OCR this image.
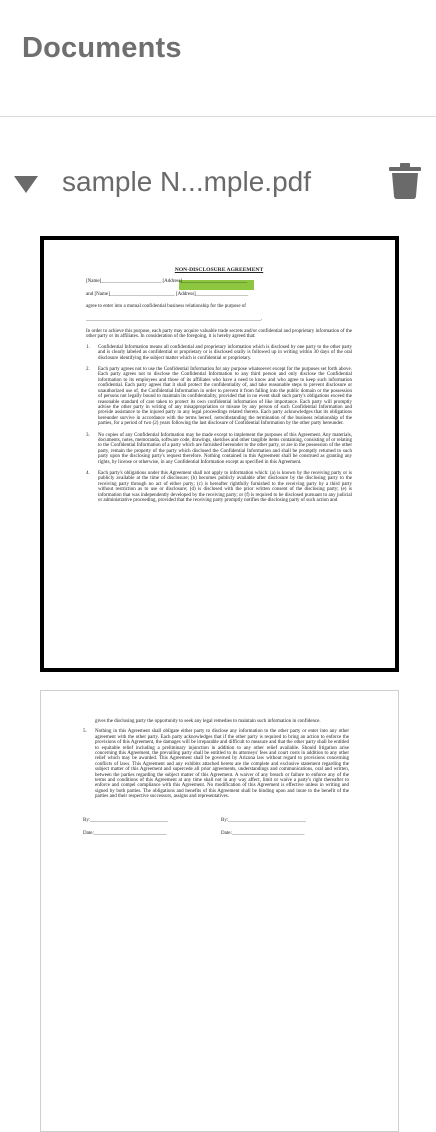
Documents
sample N...mple.pdf
NON-DISCLOSURE AGREEMENT
[Name]________________________ [Address]__________________________
and [Name]__________________________ [Address]_____________________
agree to enter into a mutual confidential business relationship for the purpose of
______________________________________________________________________.

In order to achieve this purpose, each party may acquire valuable trade secrets and/or confidential and proprietary information of the other party or its affiliates. In consideration of the foregoing, it is hereby agreed that:

1.	Confidential Information means all confidential and proprietary information which is disclosed by one party to the other party and is clearly labeled as confidential or proprietary or is disclosed orally is followed up in writing within 30 days of the oral disclosure identifying the subject matter which is confidential or proprietary.
2.	Each party agrees not to use the Confidential Information for any purpose whatsoever except for the purposes set forth above. Each party agrees not to disclose the Confidential Information to any third person and only disclose the Confidential information to its employees and those of its affiliates who have a need to know and who agree to keep such information confidential. Each party agrees that it shall protect the confidentiality of, and take reasonable steps to prevent disclosure or unauthorized use of, the Confidential Information in order to prevent it from falling into the public domain or the possession of persons not legally bound to maintain its confidentiality, provided that in no event shall such party's obligations exceed the reasonable standard of care taken to protect its own confidential information of like importance. Each party will promptly advise the other party in writing of any misappropriation or misuse by any person of such Confidential Information and provide assistance to the injured party in any legal proceedings related thereto. Each party acknowledges that its obligations hereunder survive in accordance with the terms hereof, notwithstanding the termination of the business relationship of the parties, for a period of two (2) years following the last disclosure of Confidential Information by the other party hereunder.
3.	No copies of any Confidential Information may be made except to implement the purposes of this Agreement. Any materials, documents, notes, memoranda, software code, drawings, sketches and other tangible items containing, consisting of or relating to the Confidential Information of a party which are furnished hereunder to the other party, or are in the possession of the other party, remain the property of the party which disclosed the Confidential Information and shall be promptly returned to such party upon the disclosing party's request therefore. Nothing contained in this Agreement shall be construed as granting any rights, by license or otherwise, in any Confidential Information except as specified in this Agreement.
4.	Each party's obligations under this Agreement shall not apply to information which: (a) is known by the receiving party or is publicly available at the time of disclosure; (b) becomes publicly available after disclosure by the disclosing party to the receiving party through no act of either party; (c) is hereafter rightfully furnished to the receiving party by a third party without restriction as to use or disclosure; (d) is disclosed with the prior written consent of the disclosing party; (e) is information that was independently developed by the receiving party; or (f) is required to be disclosed pursuant to any judicial or administrative proceeding, provided that the receiving party promptly notifies the disclosing party of such action and

gives the disclosing party the opportunity to seek any legal remedies to maintain such information in confidence.

5.	Nothing in this Agreement shall obligate either party to disclose any information to the other party or enter into any other agreement with the other party. Each party acknowledges that if the other party is required to bring an action to enforce the provisions of this Agreement, the damages will be irreparable and difficult to measure and that the other party shall be entitled to equitable relief including a preliminary injunction in addition to any other relief available. Should litigation arise concerning this Agreement, the prevailing party shall be entitled to its attorneys' fees and court costs in addition to any other relief which may be awarded. This Agreement shall be governed by Arizona law without regard to provisions concerning conflicts of laws. This Agreement and any exhibits attached hereto are the complete and exclusive statement regarding the subject matter of this Agreement and supercede all prior agreements, understandings and communications, oral and written, between the parties regarding the subject matter of this Agreement. A waiver of any breach or failure to enforce any of the terms and conditions of this Agreement at any time shall not in any way affect, limit or waive a party's right thereafter to enforce and compel compliance with this Agreement. No modification of this Agreement is effective unless in writing and signed by both parties. The obligations and benefits of this Agreement shall be binding upon and inure to the benefit of the parties and their respective successors, assigns and representatives.
By:_______________________________
Date:_____________________________
By:_______________________________
Date:_____________________________
